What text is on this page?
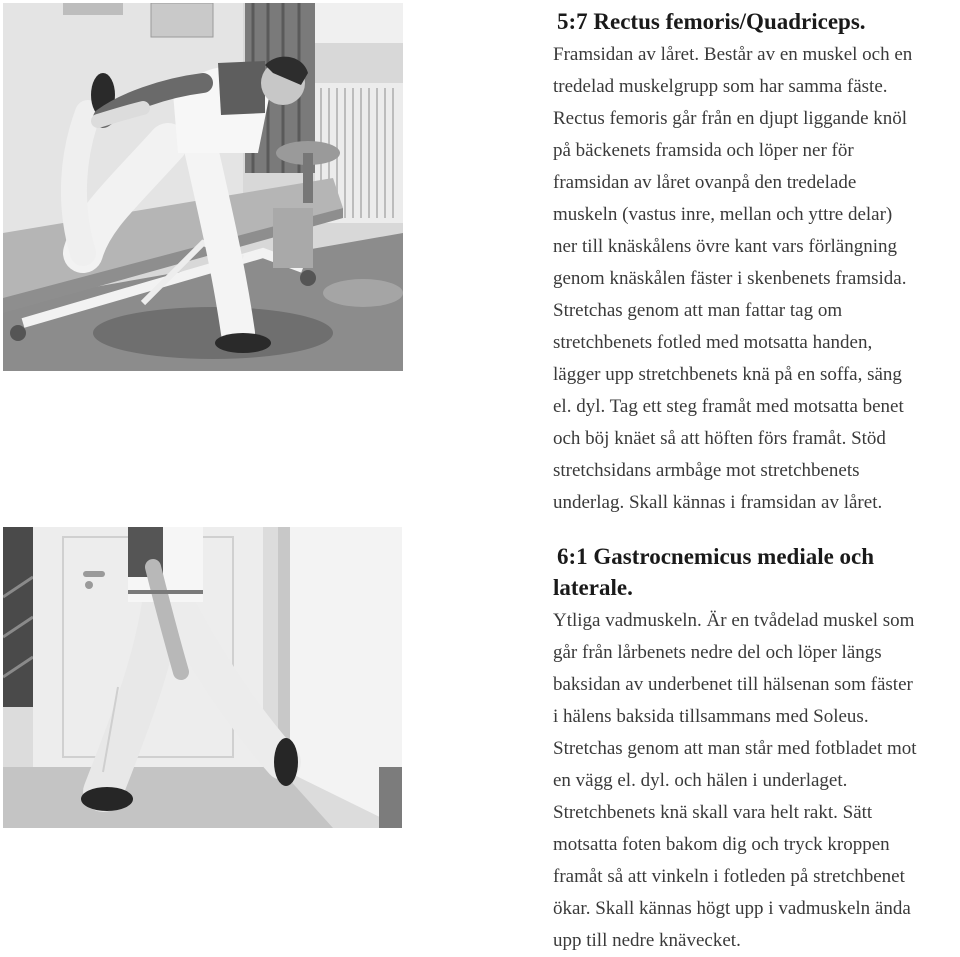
5:7 Rectus femoris/Quadriceps.

Framsidan av låret. Består av en muskel och en

tredelad muskelgrupp som har samma fäste.

Rectus femoris går från en djupt liggande knöl

på bäckenets framsida och löper ner för

framsidan av låret ovanpå den tredelade

muskeln (vastus inre, mellan och yttre delar)

ner till knäskålens övre kant vars förlängning

genom knäskålen fäster i skenbenets framsida.

Stretchas genom att man fattar tag om

stretchbenets fotled med motsatta handen,

lägger upp stretchbenets knä på en soffa, säng

el. dyl. Tag ett steg framåt med motsatta benet

och böj knäet så att höften förs framåt. Stöd

stretchsidans armbåge mot stretchbenets

underlag. Skall kännas i framsidan av låret.

6:1 Gastrocnemicus mediale och
laterale.

Ytliga vadmuskeln. Är en tvådelad muskel som

går från lårbenets nedre del och löper längs

baksidan av underbenet till hälsenan som fäster

i hälens baksida tillsammans med Soleus.

Stretchas genom att man står med fotbladet mot

en vägg el. dyl. och hälen i underlaget.

Stretchbenets knä skall vara helt rakt. Sätt

motsatta foten bakom dig och tryck kroppen

framåt så att vinkeln i fotleden på stretchbenet

ökar. Skall kännas högt upp i vadmuskeln ända

upp till nedre knävecket.
